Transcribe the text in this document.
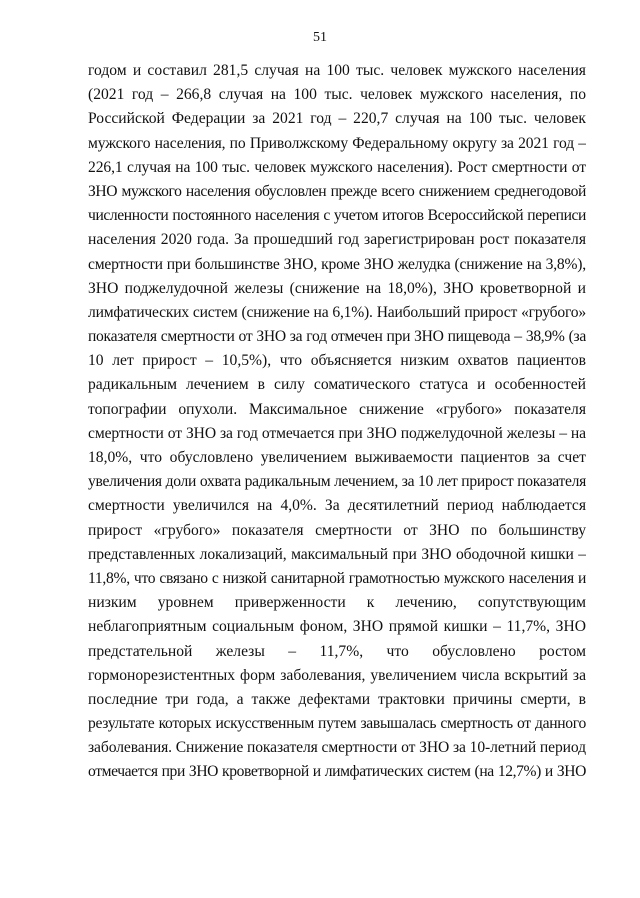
51
годом и составил 281,5 случая на 100 тыс. человек мужского населения
(2021 год – 266,8 случая на 100 тыс. человек мужского населения, по
Российской Федерации за 2021 год – 220,7 случая на 100 тыс. человек
мужского населения, по Приволжскому Федеральному округу за 2021 год –
226,1 случая на 100 тыс. человек мужского населения). Рост смертности от
ЗНО мужского населения обусловлен прежде всего снижением среднегодовой
численности постоянного населения с учетом итогов Всероссийской переписи
населения 2020 года. За прошедший год зарегистрирован рост показателя
смертности при большинстве ЗНО, кроме ЗНО желудка (снижение на 3,8%),
ЗНО поджелудочной железы (снижение на 18,0%), ЗНО кроветворной и
лимфатических систем (снижение на 6,1%). Наибольший прирост «грубого»
показателя смертности от ЗНО за год отмечен при ЗНО пищевода – 38,9% (за
10 лет прирост – 10,5%), что объясняется низким охватов пациентов
радикальным лечением в силу соматического статуса и особенностей
топографии опухоли. Максимальное снижение «грубого» показателя
смертности от ЗНО за год отмечается при ЗНО поджелудочной железы – на
18,0%, что обусловлено увеличением выживаемости пациентов за счет
увеличения доли охвата радикальным лечением, за 10 лет прирост показателя
смертности увеличился на 4,0%. За десятилетний период наблюдается
прирост «грубого» показателя смертности от ЗНО по большинству
представленных локализаций, максимальный при ЗНО ободочной кишки –
11,8%, что связано с низкой санитарной грамотностью мужского населения и
низким уровнем приверженности к лечению, сопутствующим
неблагоприятным социальным фоном, ЗНО прямой кишки – 11,7%, ЗНО
предстательной железы – 11,7%, что обусловлено ростом
гормонорезистентных форм заболевания, увеличением числа вскрытий за
последние три года, а также дефектами трактовки причины смерти, в
результате которых искусственным путем завышалась смертность от данного
заболевания. Снижение показателя смертности от ЗНО за 10-летний период
отмечается при ЗНО кроветворной и лимфатических систем (на 12,7%) и ЗНО
